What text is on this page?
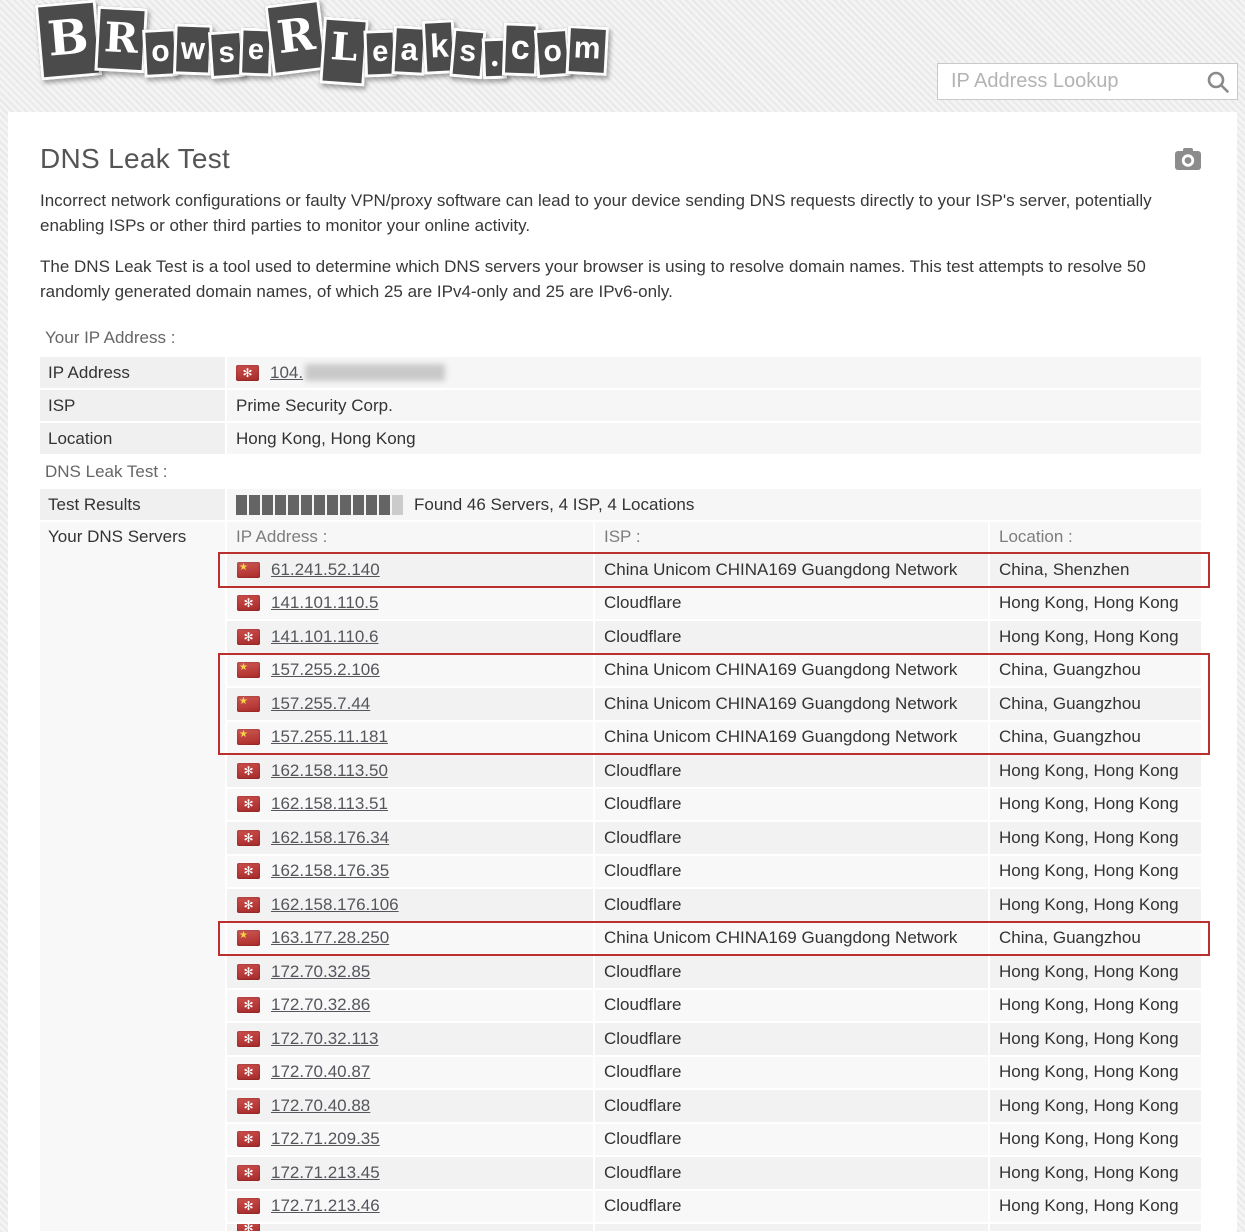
B R o w s e R L e a k s . c o m
IP Address Lookup
DNS Leak Test

Incorrect network configurations or faulty VPN/proxy software can lead to your device sending DNS requests directly to your ISP's server, potentially enabling ISPs or other third parties to monitor your online activity.

The DNS Leak Test is a tool used to determine which DNS servers your browser is using to resolve domain names. This test attempts to resolve 50 randomly generated domain names, of which 25 are IPv4-only and 25 are IPv6-only.

Your IP Address :
IP Address ✻	104.
ISP	Prime Security Corp.
Location	Hong Kong, Hong Kong
DNS Leak Test :
Test Results	Found 46 Servers, 4 ISP, 4 Locations
Your DNS Servers	IP Address :	ISP :	Location :
★
61.241.52.140	China Unicom CHINA169 Guangdong Network	China, Shenzhen
✻
141.101.110.5	Cloudflare	Hong Kong, Hong Kong
✻
141.101.110.6	Cloudflare	Hong Kong, Hong Kong
★
157.255.2.106	China Unicom CHINA169 Guangdong Network	China, Guangzhou
★
157.255.7.44	China Unicom CHINA169 Guangdong Network	China, Guangzhou
★
157.255.11.181	China Unicom CHINA169 Guangdong Network	China, Guangzhou
✻
162.158.113.50	Cloudflare	Hong Kong, Hong Kong
✻
162.158.113.51	Cloudflare	Hong Kong, Hong Kong
✻
162.158.176.34	Cloudflare	Hong Kong, Hong Kong
✻
162.158.176.35	Cloudflare	Hong Kong, Hong Kong
✻
162.158.176.106	Cloudflare	Hong Kong, Hong Kong
★
163.177.28.250	China Unicom CHINA169 Guangdong Network	China, Guangzhou
✻
172.70.32.85	Cloudflare	Hong Kong, Hong Kong
✻
172.70.32.86	Cloudflare	Hong Kong, Hong Kong
✻
172.70.32.113	Cloudflare	Hong Kong, Hong Kong
✻
172.70.40.87	Cloudflare	Hong Kong, Hong Kong
✻
172.70.40.88	Cloudflare	Hong Kong, Hong Kong
✻
172.71.209.35	Cloudflare	Hong Kong, Hong Kong
✻
172.71.213.45	Cloudflare	Hong Kong, Hong Kong
✻
172.71.213.46	Cloudflare	Hong Kong, Hong Kong
✻
